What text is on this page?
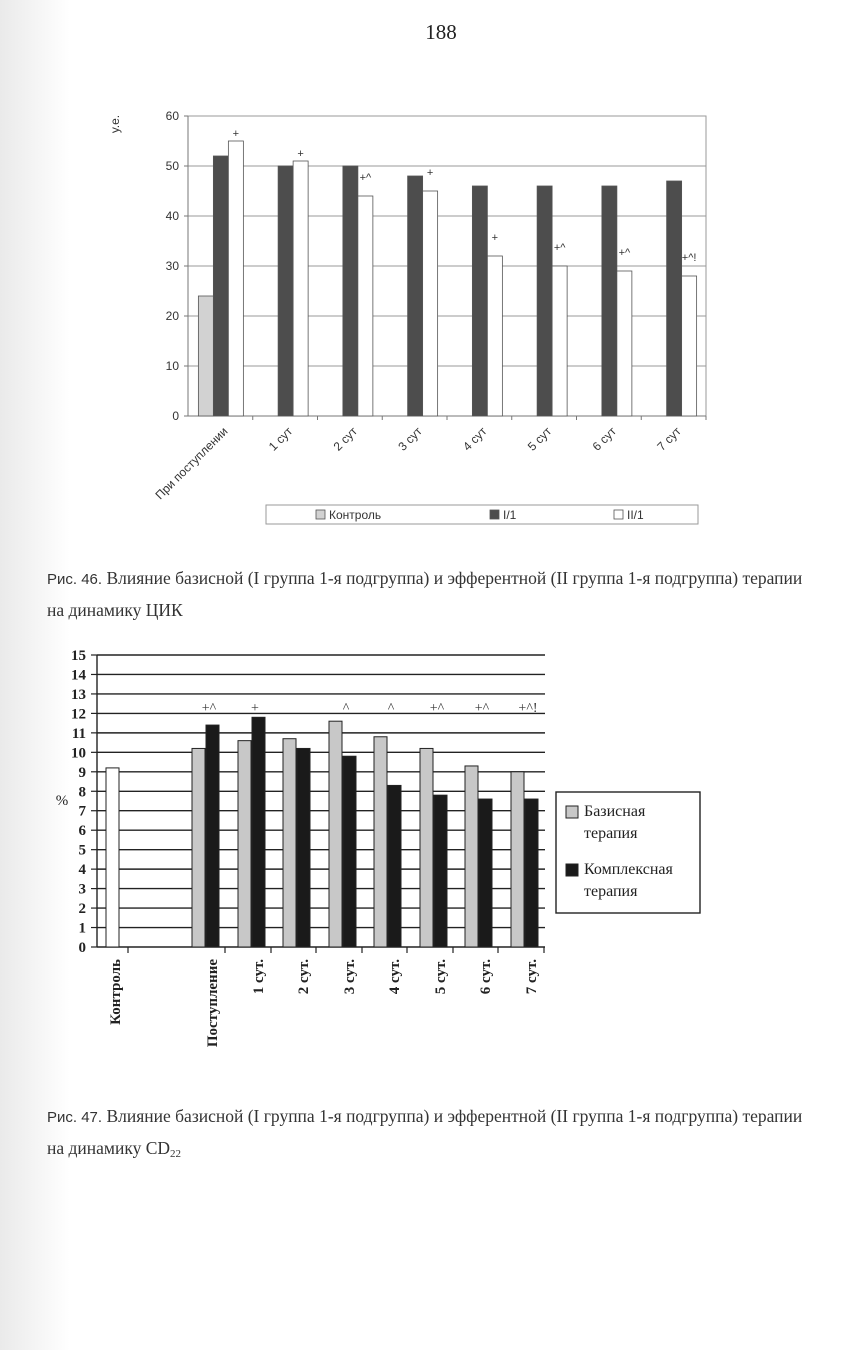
188
0
10
20
30
40
50
60
у.е.
При поступлении
+
1 сут
+
2 сут
+^
3 сут
+
4 сут
+
5 сут
+^
6 сут
+^
7 сут
+^!
Контроль	I/1	II/1
Рис. 46. Влияние базисной (I группа 1-я подгруппа) и эфферентной (II группа 1-я подгруппа) терапии на динамику ЦИК
0
1
2
3
4
5
6
7
8
9
10
11
12
13
14
15
%
Контроль	Поступление
+^
1 сут.
+
2 сут. 3 сут.
^
4 сут.
^
5 сут.
+^
6 сут.
+^
7 сут.
+^!
Базисная
терапия
Комплексная
терапия
Рис. 47. Влияние базисной (I группа 1-я подгруппа) и эфферентной (II группа 1-я подгруппа) терапии на динамику $CD_{22}$
